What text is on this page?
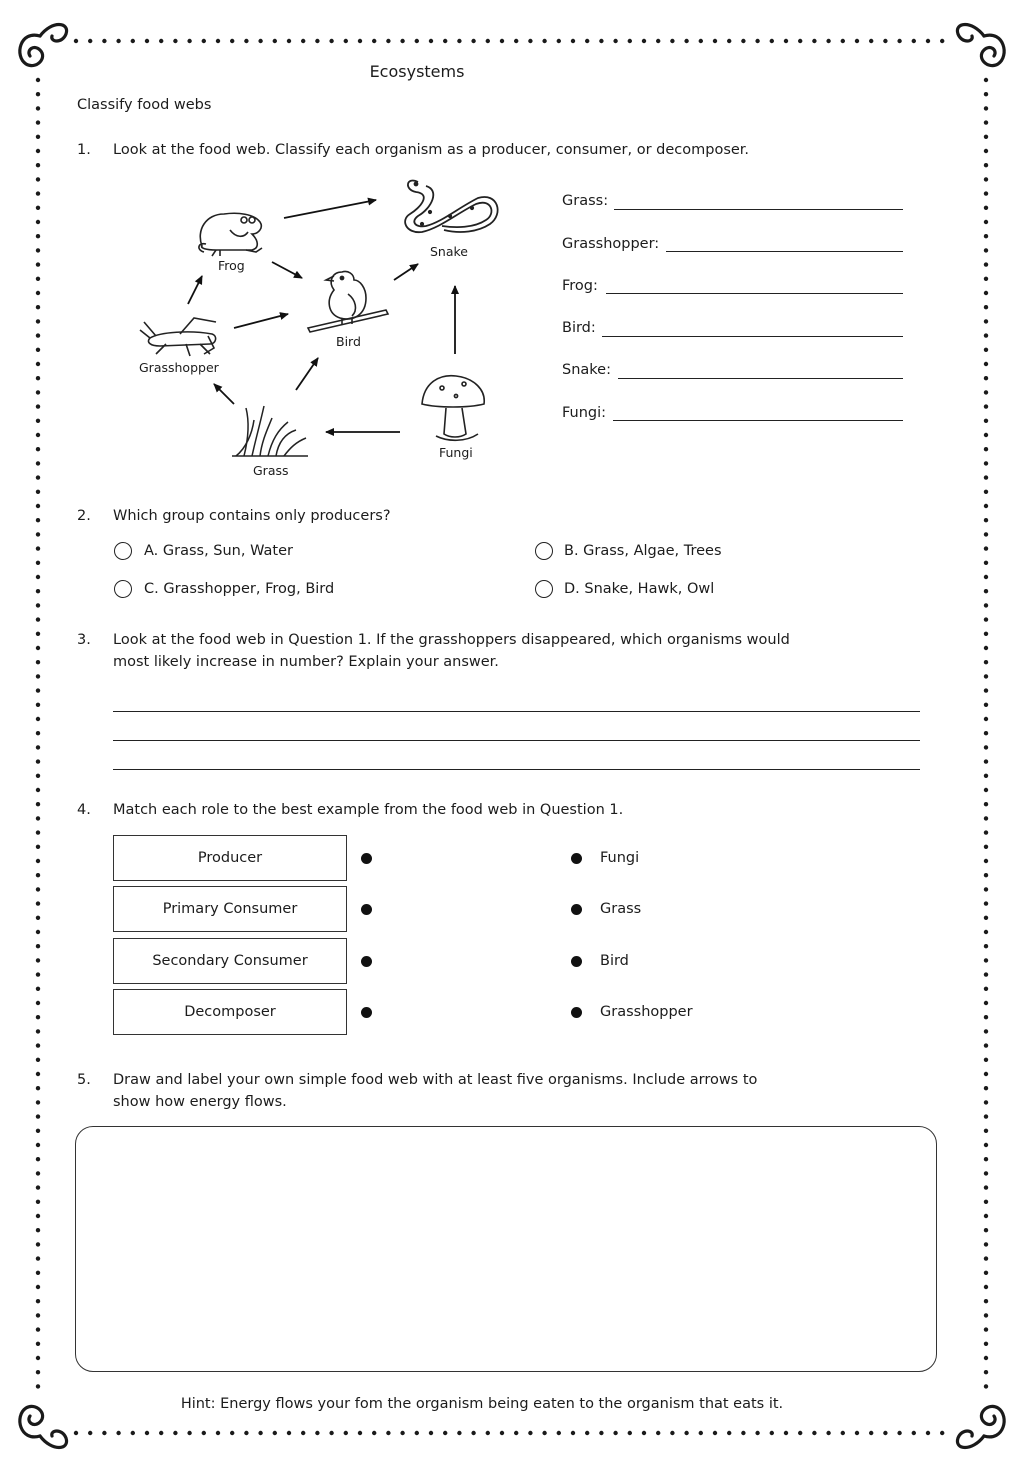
Ecosystems
Classify food webs
1. Look at the food web. Classify each organism as a producer, consumer, or decomposer.
Frog
Snake
Bird
Grasshopper
Grass
Fungi
Grass:
Grasshopper:
Frog:
Bird:
Snake:
Fungi:
2. Which group contains only producers?
A. Grass, Sun, Water	B. Grass, Algae, Trees
C. Grasshopper, Frog, Bird	D. Snake, Hawk, Owl
3. Look at the food web in Question 1. If the grasshoppers disappeared, which organisms would
most likely increase in number? Explain your answer.
4. Match each role to the best example from the food web in Question 1.
Producer
Primary Consumer
Secondary Consumer
Decomposer
Fungi
Grass
Bird
Grasshopper
5. Draw and label your own simple food web with at least five organisms. Include arrows to
show how energy flows.
Hint: Energy flows your fom the organism being eaten to the organism that eats it.
